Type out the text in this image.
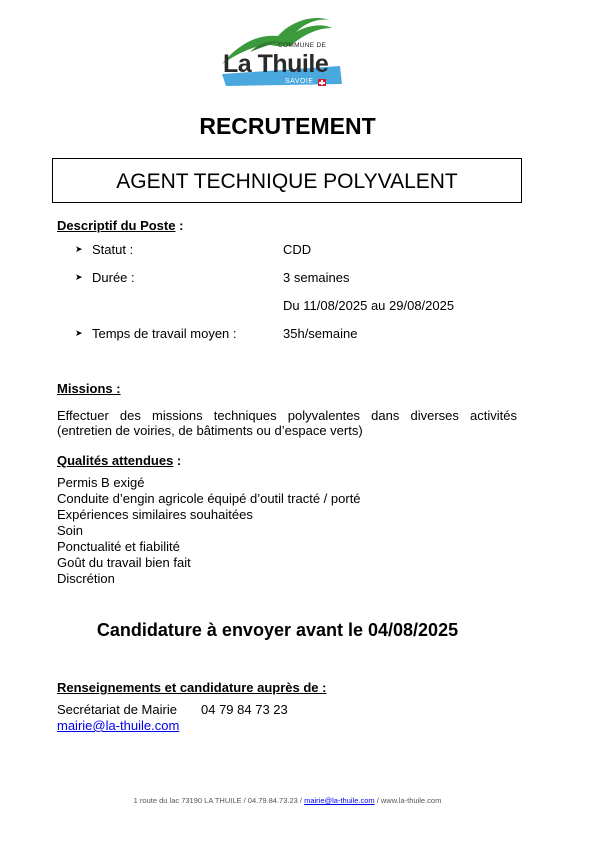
COMMUNE DE
La Thuile
SAVOIE
RECRUTEMENT
AGENT TECHNIQUE POLYVALENT
Descriptif du Poste :
➤ Statut :	CDD
➤ Durée :	3 semaines
Du 11/08/2025 au 29/08/2025
➤ Temps de travail moyen :	35h/semaine
Missions :
Effectuer des missions techniques polyvalentes dans diverses activités
(entretien de voiries, de bâtiments ou d’espace verts)
Qualités attendues :
Permis B exigé
Conduite d’engin agricole équipé d’outil tracté / porté
Expériences similaires souhaitées
Soin
Ponctualité et fiabilité
Goût du travail bien fait
Discrétion
Candidature à envoyer avant le 04/08/2025
Renseignements et candidature auprès de :
Secrétariat de Mairie 04 79 84 73 23
mairie@la-thuile.com
1 route du lac 73190 LA THUILE / 04.79.84.73.23 / mairie@la-thuile.com / www.la-thuile.com
